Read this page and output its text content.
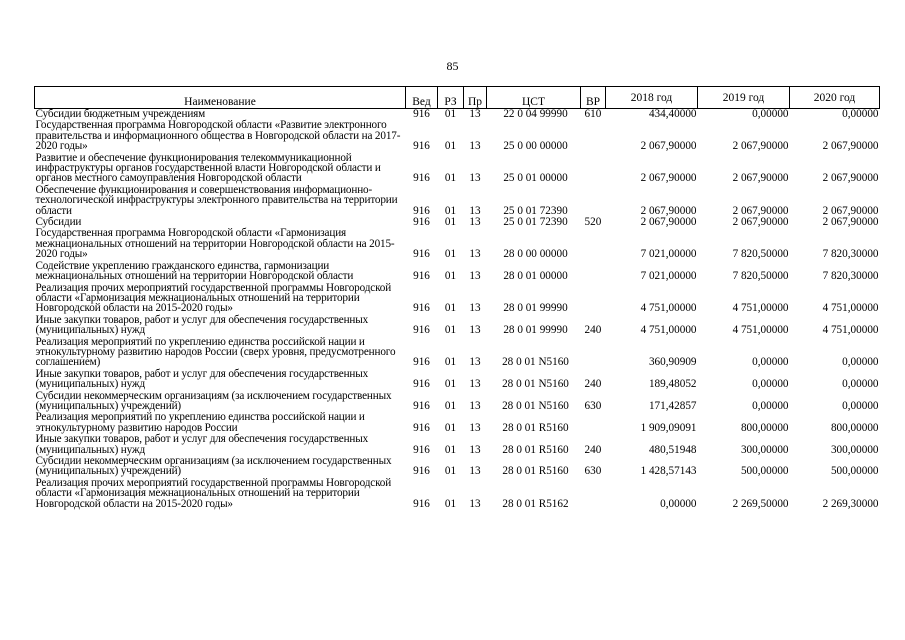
85
Наименование	Вед	РЗ	Пр	ЦСТ	ВР	2018 год	2019 год	2020 год
Субсидии бюджетным учреждениям	916	01	13	22 0 04 99990	610	434,40000	0,00000	0,00000
Государственная программа Новгородской области «Развитие электронного правительства и информационного общества в Новгородской области на 2017-2020 годы»	916	01	13	25 0 00 00000		2 067,90000	2 067,90000	2 067,90000
Развитие и обеспечение функционирования телекоммуникационной инфраструктуры органов государственной власти Новгородской области и органов местного самоуправления Новгородской области	916	01	13	25 0 01 00000		2 067,90000	2 067,90000	2 067,90000
Обеспечение функционирования и совершенствования информационно- технологической инфраструктуры электронного правительства на территории области	916	01	13	25 0 01 72390		2 067,90000	2 067,90000	2 067,90000
Субсидии	916	01	13	25 0 01 72390	520	2 067,90000	2 067,90000	2 067,90000
Государственная программа Новгородской области «Гармонизация межнациональных отношений на территории Новгородской области на 2015-2020 годы»	916	01	13	28 0 00 00000		7 021,00000	7 820,50000	7 820,30000
Содействие укреплению гражданского единства, гармонизации межнациональных отношений на территории Новгородской области	916	01	13	28 0 01 00000		7 021,00000	7 820,50000	7 820,30000
Реализация прочих мероприятий государственной программы Новгородской области «Гармонизация межнациональных отношений на территории Новгородской области на 2015-2020 годы»	916	01	13	28 0 01 99990		4 751,00000	4 751,00000	4 751,00000
Иные закупки товаров, работ и услуг для обеспечения государственных (муниципальных) нужд	916	01	13	28 0 01 99990	240	4 751,00000	4 751,00000	4 751,00000
Реализация мероприятий по укреплению единства российской нации и этнокультурному развитию народов России (сверх уровня, предусмотренного соглашением)	916	01	13	28 0 01 N5160		360,90909	0,00000	0,00000
Иные закупки товаров, работ и услуг для обеспечения государственных (муниципальных) нужд	916	01	13	28 0 01 N5160	240	189,48052	0,00000	0,00000
Субсидии некоммерческим организациям (за исключением государственных (муниципальных) учреждений)	916	01	13	28 0 01 N5160	630	171,42857	0,00000	0,00000
Реализация мероприятий по укреплению единства российской нации и этнокультурному развитию народов России	916	01	13	28 0 01 R5160		1 909,09091	800,00000	800,00000
Иные закупки товаров, работ и услуг для обеспечения государственных (муниципальных) нужд	916	01	13	28 0 01 R5160	240	480,51948	300,00000	300,00000
Субсидии некоммерческим организациям (за исключением государственных (муниципальных) учреждений)	916	01	13	28 0 01 R5160	630	1 428,57143	500,00000	500,00000
Реализация прочих мероприятий государственной программы Новгородской области «Гармонизация межнациональных отношений на территории Новгородской области на 2015-2020 годы»	916	01	13	28 0 01 R5162		0,00000	2 269,50000	2 269,30000
